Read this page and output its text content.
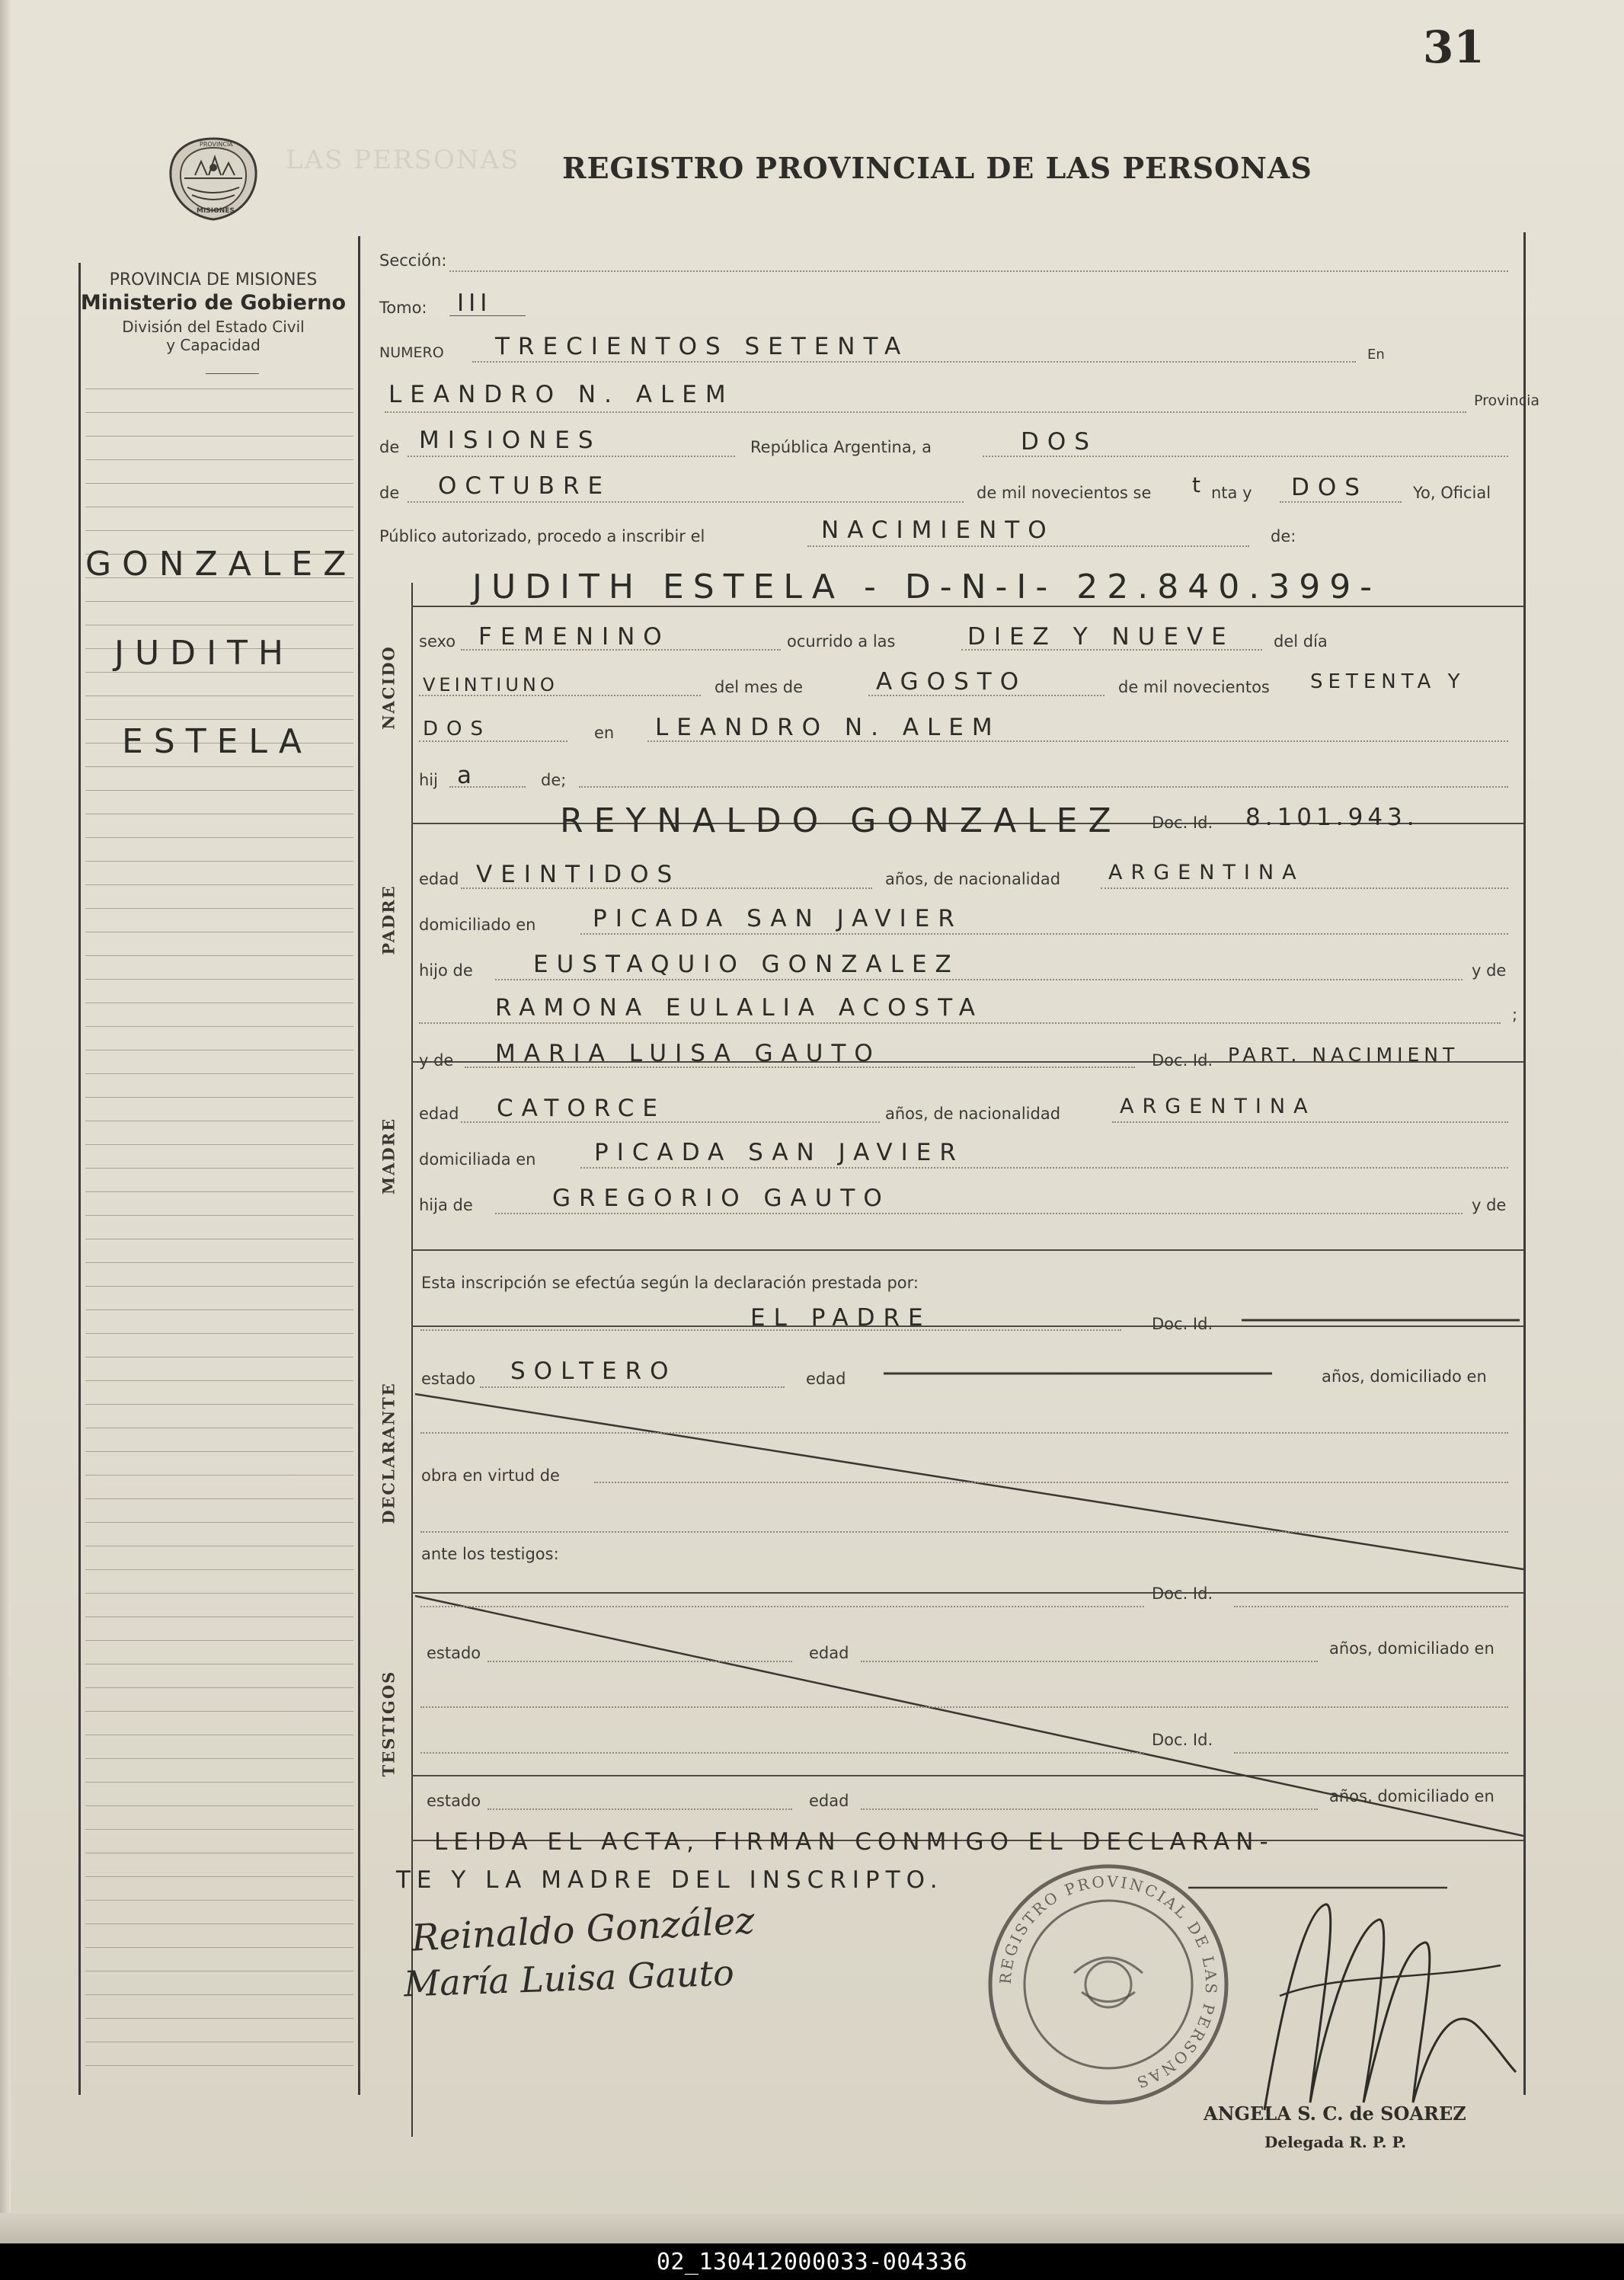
31
LAS PERSONAS
PROVINCIA
MISIONES
REGISTRO PROVINCIAL DE LAS PERSONAS
PROVINCIA DE MISIONES
Ministerio de Gobierno
División del Estado Civil
y Capacidad
GONZALEZ
JUDITH
ESTELA
NACIDO
PADRE
MADRE
DECLARANTE
TESTIGOS
Sección:
Tomo: III
NUMERO TRECIENTOS SETENTA	En
LEANDRO N. ALEM	Provincia
de MISIONES	República Argentina, a	DOS
de OCTUBRE	de mil novecientos se t nta y DOS	Yo, Oficial
Público autorizado, procedo a inscribir el	NACIMIENTO	de:
JUDITH ESTELA - D-N-I- 22.840.399-
sexo FEMENINO	ocurrido a las	DIEZ Y NUEVE del día
VEINTIUNO	del mes de	AGOSTO	de mil novecientos SETENTA Y
DOS	en LEANDRO N. ALEM
hij a	de;
REYNALDO GONZALEZ Doc. Id. 8.101.943.
edad VEINTIDOS	años, de nacionalidad ARGENTINA
domiciliado en PICADA SAN JAVIER
hijo de	EUSTAQUIO GONZALEZ	y de
RAMONA EULALIA ACOSTA	;
y de MARIA LUISA GAUTO	Doc. Id. PART. NACIMIENT
edad CATORCE	años, de nacionalidad	ARGENTINA
domiciliada en PICADA SAN JAVIER
hija de	GREGORIO GAUTO	y de
Esta inscripción se efectúa según la declaración prestada por:
EL PADRE	Doc. Id.
estado SOLTERO	edad	años, domiciliado en
obra en virtud de
ante los testigos:
Doc. Id.
estado	edad	años, domiciliado en
Doc. Id.
estado	edad	años, domiciliado en
LEIDA EL ACTA, FIRMAN CONMIGO EL DECLARAN-
TE Y LA MADRE DEL INSCRIPTO.
Reinaldo González
María Luisa Gauto	REGISTRO PROVINCIAL DE LAS PERSONAS
ANGELA S. C. de SOAREZ
Delegada R. P. P.
02_130412000033-004336
